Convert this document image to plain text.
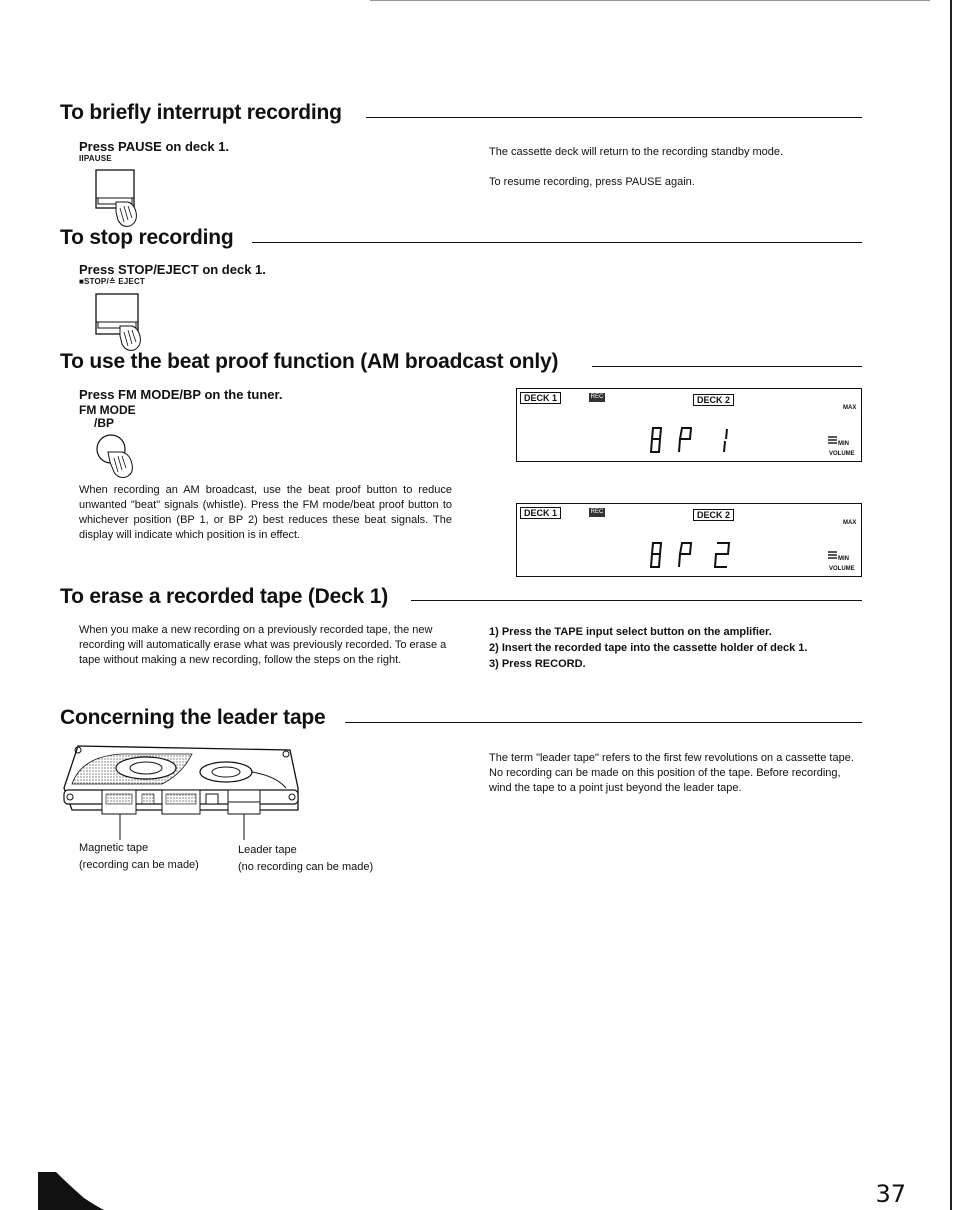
To briefly interrupt recording
Press PAUSE on deck 1.
IIPAUSE
The cassette deck will return to the recording standby mode.
To resume recording, press PAUSE again.
To stop recording
Press STOP/EJECT on deck 1.
■STOP/≙ EJECT
To use the beat proof function (AM broadcast only)
Press FM MODE/BP on the tuner.
FM MODE
/BP
When recording an AM broadcast, use the beat proof button to reduce unwanted "beat" signals (whistle). Press the FM mode/beat proof button to whichever position (BP 1, or BP 2) best reduces these beat signals. The display will indicate which position is in effect.
DECK 1	REC	DECK 2
MAX
MIN
VOLUME
DECK 1	REC	DECK 2
MAX
MIN
VOLUME
To erase a recorded tape (Deck 1)
When you make a new recording on a previously recorded tape, the new recording will automatically erase what was previously recorded. To erase a tape without making a new recording, follow the steps on the right.
1) Press the TAPE input select button on the amplifier.
2) Insert the recorded tape into the cassette holder of deck 1.
3) Press RECORD.
Concerning the leader tape
Magnetic tape
(recording can be made)
Leader tape
(no recording can be made)
The term "leader tape" refers to the first few revolutions on a cassette tape. No recording can be made on this position of the tape. Before recording, wind the tape to a point just beyond the leader tape.
37
